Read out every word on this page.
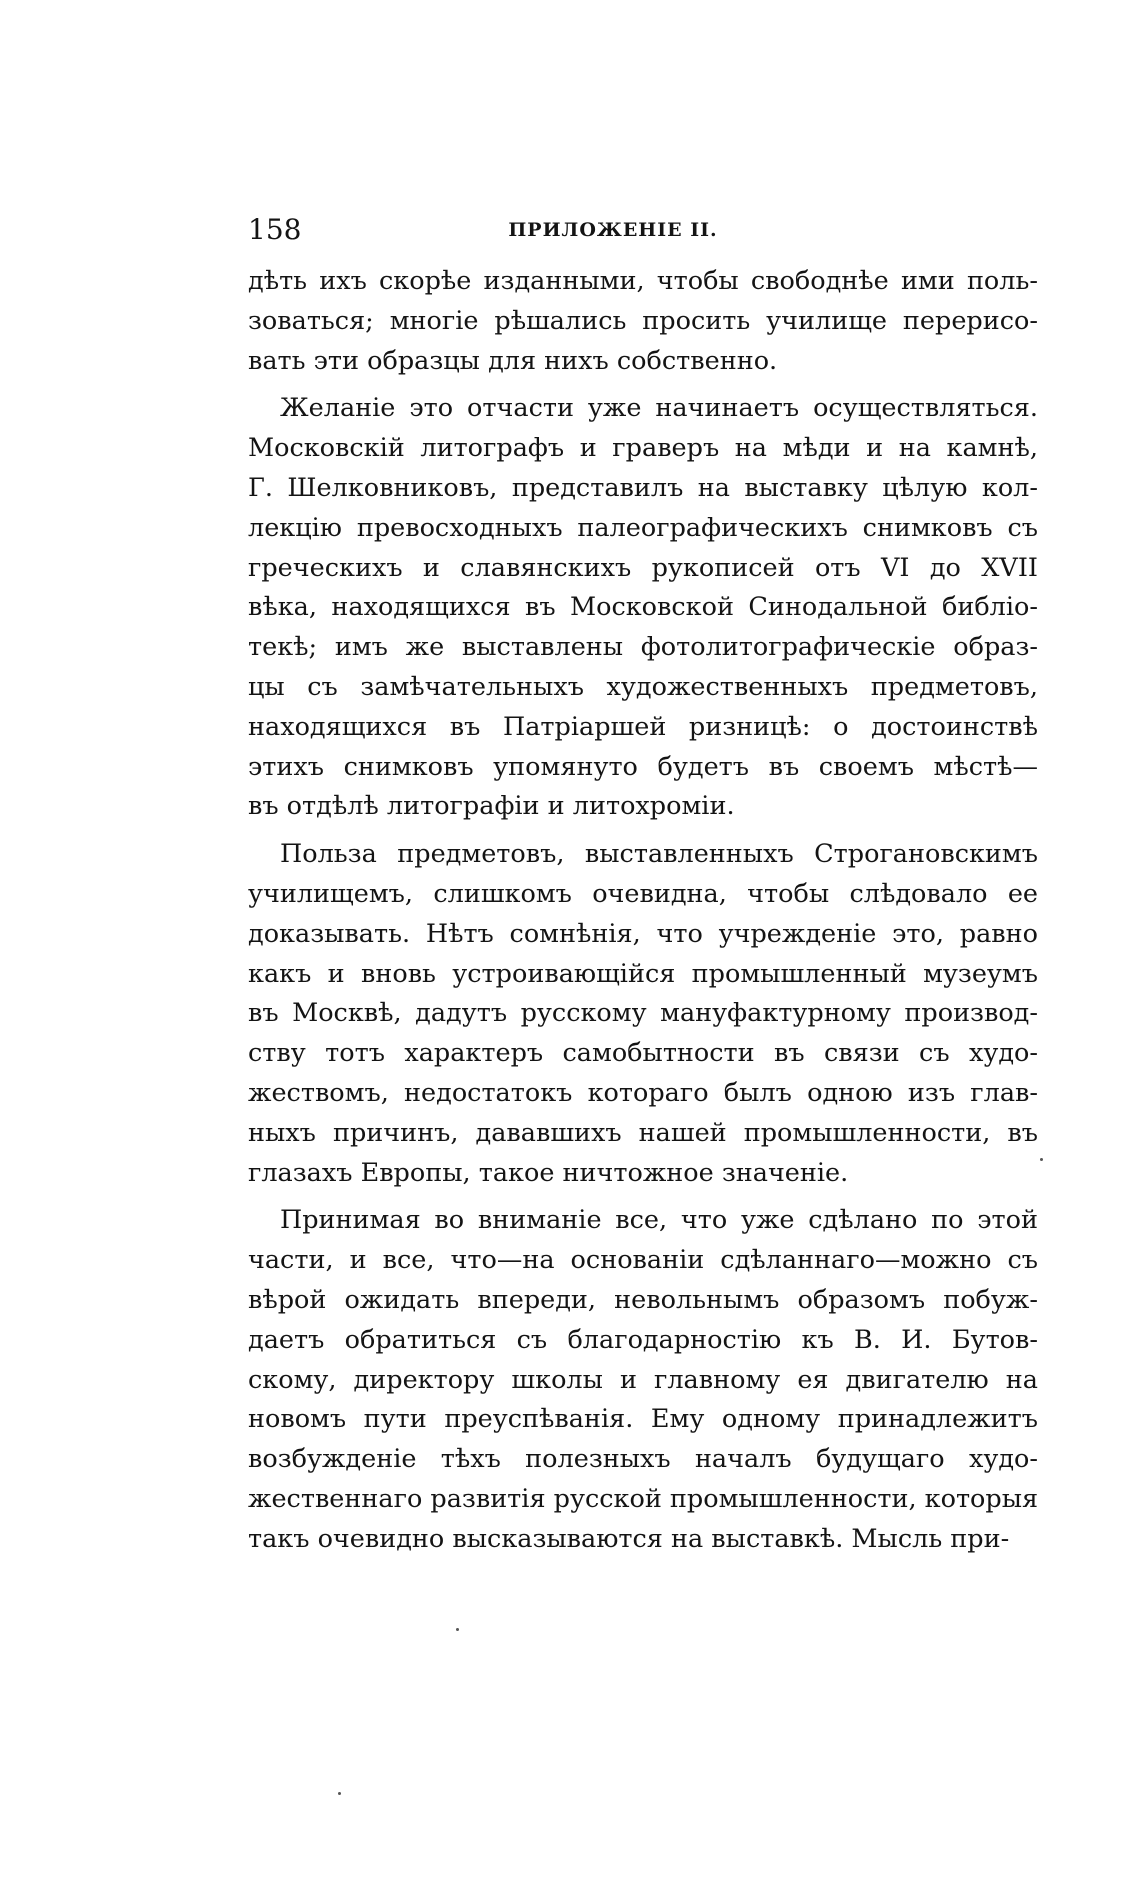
158	ПРИЛОЖЕНІЕ II.
дѣть ихъ скорѣе изданными, чтобы свободнѣе ими поль-
зоваться; многіе рѣшались просить училище перерисо-
вать эти образцы для нихъ собственно.
Желаніе это отчасти уже начинаетъ осуществляться.
Московскій литографъ и граверъ на мѣди и на камнѣ,
Г. Шелковниковъ, представилъ на выставку цѣлую кол-
лекцію превосходныхъ палеографическихъ снимковъ съ
греческихъ и славянскихъ рукописей отъ VI до XVII
вѣка, находящихся въ Московской Синодальной библіо-
текѣ; имъ же выставлены фотолитографическіе образ-
цы съ замѣчательныхъ художественныхъ предметовъ,
находящихся въ Патріаршей ризницѣ: о достоинствѣ
этихъ снимковъ упомянуто будетъ въ своемъ мѣстѣ—
въ отдѣлѣ литографіи и литохроміи.
Польза предметовъ, выставленныхъ Строгановскимъ
училищемъ, слишкомъ очевидна, чтобы слѣдовало ее
доказывать. Нѣтъ сомнѣнія, что учрежденіе это, равно
какъ и вновь устроивающійся промышленный музеумъ
въ Москвѣ, дадутъ русскому мануфактурному производ-
ству тотъ характеръ самобытности въ связи съ худо-
жествомъ, недостатокъ котораго былъ одною изъ глав-
ныхъ причинъ, дававшихъ нашей промышленности, въ
глазахъ Европы, такое ничтожное значеніе.
Принимая во вниманіе все, что уже сдѣлано по этой
части, и все, что—на основаніи сдѣланнаго—можно съ
вѣрой ожидать впереди, невольнымъ образомъ побуж-
даетъ обратиться съ благодарностію къ В. И. Бутов-
скому, директору школы и главному ея двигателю на
новомъ пути преуспѣванія. Ему одному принадлежитъ
возбужденіе тѣхъ полезныхъ началъ будущаго худо-
жественнаго развитія русской промышленности, которыя
такъ очевидно высказываются на выставкѣ. Мысль при-
